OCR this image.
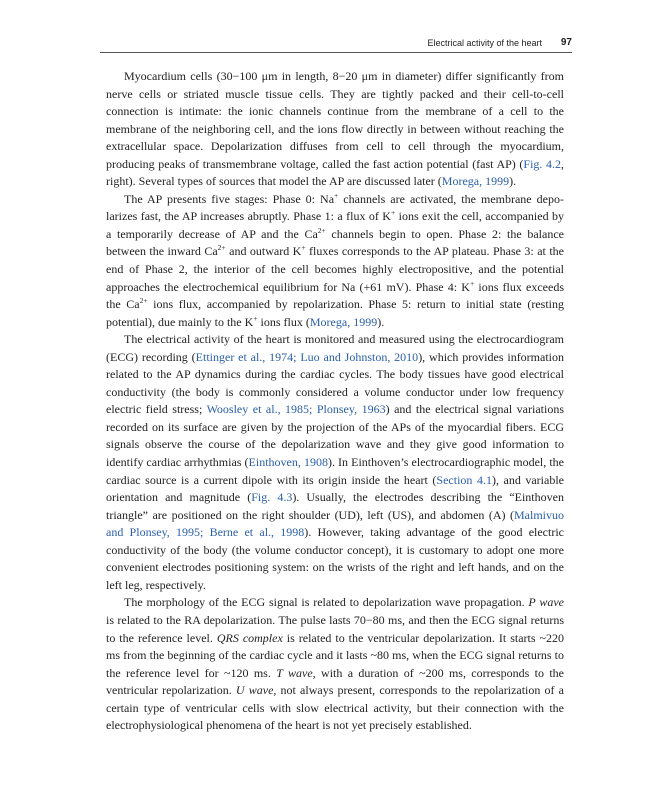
Electrical activity of the heart 97

Myocardium cells (30−100 μm in length, 8−20 μm in diameter) differ significantly from nerve cells or striated muscle tissue cells. They are tightly packed and their cell-to-cell connection is intimate: the ionic channels continue from the membrane of a cell to the membrane of the neighboring cell, and the ions flow directly in between without reaching the extracellular space. Depolarization diffuses from cell to cell through the myocardium, producing peaks of transmembrane voltage, called the fast action potential (fast AP) (Fig. 4.2, right). Several types of sources that model the AP are discussed later (Morega, 1999).

The AP presents five stages: Phase 0: Na+ channels are activated, the membrane depolarizes fast, the AP increases abruptly. Phase 1: a flux of K+ ions exit the cell, accompanied by a temporarily decrease of AP and the $Ca^{2+}$ channels begin to open. Phase 2: the balance between the inward $Ca^{2+}$ and outward K+ fluxes corresponds to the AP plateau. Phase 3: at the end of Phase 2, the interior of the cell becomes highly electropositive, and the potential approaches the electrochemical equilibrium for Na (+61 mV). Phase 4: K+ ions flux exceeds the $Ca^{2+}$ ions flux, accompanied by repolarization. Phase 5: return to initial state (resting potential), due mainly to the K+ ions flux (Morega, 1999).

The electrical activity of the heart is monitored and measured using the electrocardiogram (ECG) recording (Ettinger et al., 1974; Luo and Johnston, 2010), which provides information related to the AP dynamics during the cardiac cycles. The body tissues have good electrical conductivity (the body is commonly considered a volume conductor under low frequency electric field stress; Woosley et al., 1985; Plonsey, 1963) and the electrical signal variations recorded on its surface are given by the projection of the APs of the myocardial fibers. ECG signals observe the course of the depolarization wave and they give good information to identify cardiac arrhythmias (Einthoven, 1908). In Einthoven’s electrocardiographic model, the cardiac source is a current dipole with its origin inside the heart (Section 4.1), and variable orientation and magnitude (Fig. 4.3). Usually, the electrodes describing the “Einthoven triangle” are positioned on the right shoulder (UD), left (US), and abdomen (A) (Malmivuo and Plonsey, 1995; Berne et al., 1998). However, taking advantage of the good electric conductivity of the body (the volume conductor concept), it is customary to adopt one more convenient electrodes positioning system: on the wrists of the right and left hands, and on the left leg, respectively.

The morphology of the ECG signal is related to depolarization wave propagation. P wave is related to the RA depolarization. The pulse lasts 70−80 ms, and then the ECG signal returns to the reference level. QRS complex is related to the ventricular depolarization. It starts ~220 ms from the beginning of the cardiac cycle and it lasts ~80 ms, when the ECG signal returns to the reference level for ~120 ms. T wave, with a duration of ~200 ms, corresponds to the ventricular repolarization. U wave, not always present, corresponds to the repolarization of a certain type of ventricular cells with slow electrical activity, but their connection with the electrophysiological phenomena of the heart is not yet precisely established.
